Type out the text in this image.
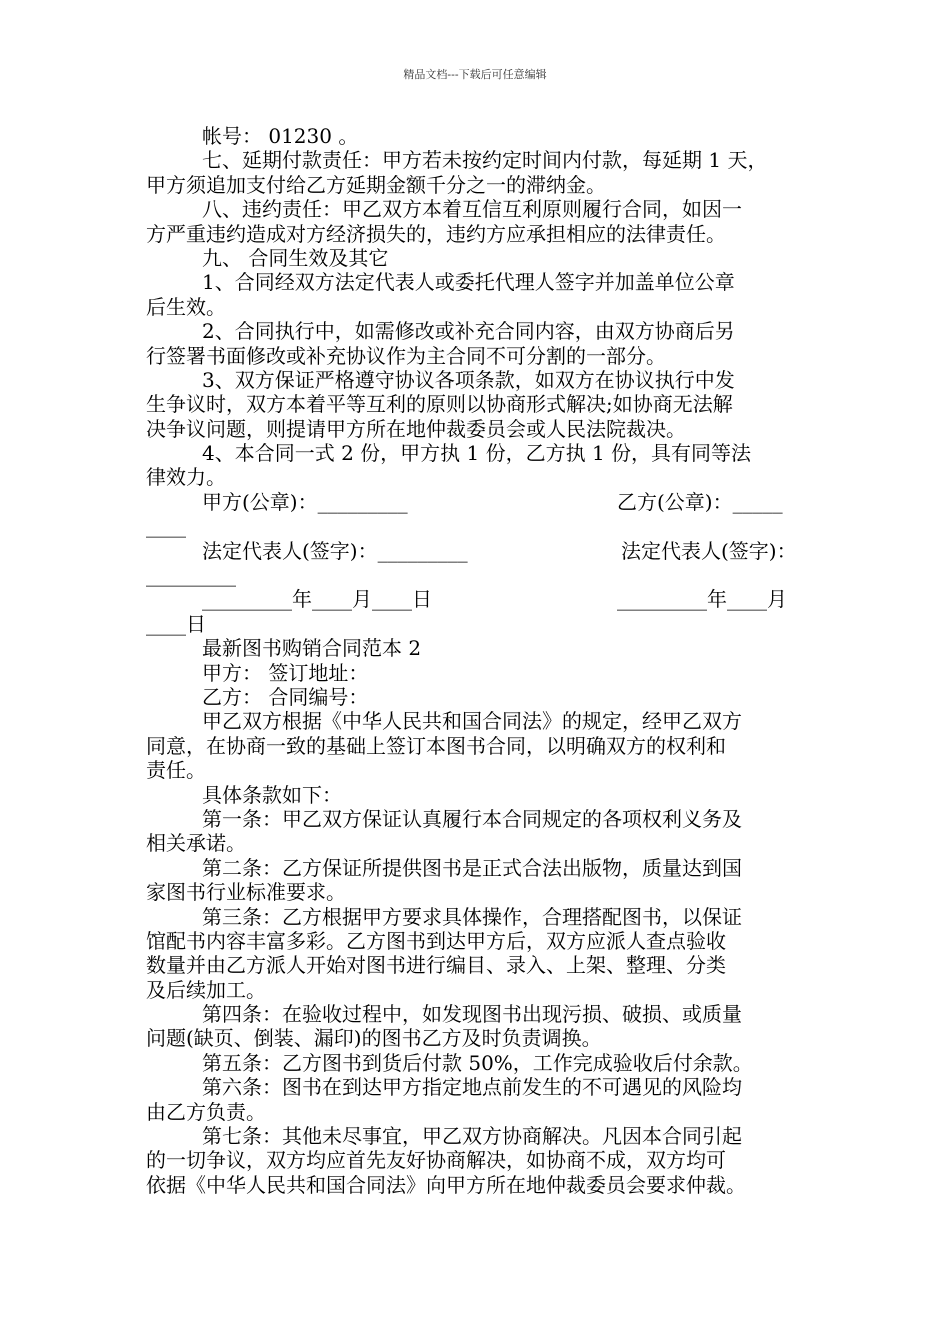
精品文档---下载后可任意编辑
帐号： 01230 。
七、延期付款责任：甲方若未按约定时间内付款，每延期 1 天，
甲方须追加支付给乙方延期金额千分之一的滞纳金。
八、违约责任：甲乙双方本着互信互利原则履行合同，如因一
方严重违约造成对方经济损失的，违约方应承担相应的法律责任。
九、 合同生效及其它
1、合同经双方法定代表人或委托代理人签字并加盖单位公章
后生效。
2、合同执行中，如需修改或补充合同内容，由双方协商后另
行签署书面修改或补充协议作为主合同不可分割的一部分。
3、双方保证严格遵守协议各项条款，如双方在协议执行中发
生争议时，双方本着平等互利的原则以协商形式解决;如协商无法解
决争议问题，则提请甲方所在地仲裁委员会或人民法院裁决。
4、本合同一式 2 份，甲方执 1 份，乙方执 1 份，具有同等法
律效力。
甲方(公章)：_________	乙方(公章)：_____
____
法定代表人(签字)：_________	法定代表人(签字)：
_________
_________年____月____日	_________年____月
____日
最新图书购销合同范本 2
甲方： 签订地址：
乙方： 合同编号：
甲乙双方根据《中华人民共和国合同法》的规定，经甲乙双方
同意，在协商一致的基础上签订本图书合同，以明确双方的权利和
责任。
具体条款如下：
第一条：甲乙双方保证认真履行本合同规定的各项权利义务及
相关承诺。
第二条：乙方保证所提供图书是正式合法出版物，质量达到国
家图书行业标准要求。
第三条：乙方根据甲方要求具体操作，合理搭配图书，以保证
馆配书内容丰富多彩。乙方图书到达甲方后，双方应派人查点验收
数量并由乙方派人开始对图书进行编目、录入、上架、整理、分类
及后续加工。
第四条：在验收过程中，如发现图书出现污损、破损、或质量
问题(缺页、倒装、漏印)的图书乙方及时负责调换。
第五条：乙方图书到货后付款 50%，工作完成验收后付余款。
第六条：图书在到达甲方指定地点前发生的不可遇见的风险均
由乙方负责。
第七条：其他未尽事宜，甲乙双方协商解决。凡因本合同引起
的一切争议，双方均应首先友好协商解决，如协商不成，双方均可
依据《中华人民共和国合同法》向甲方所在地仲裁委员会要求仲裁。
